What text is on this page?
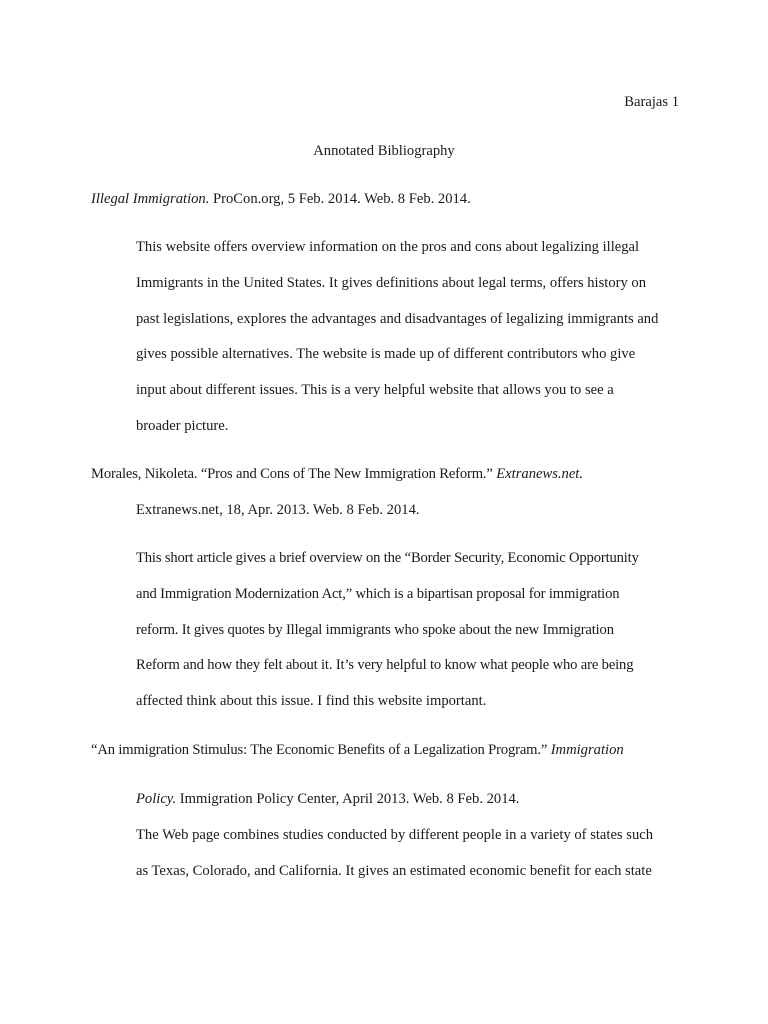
Barajas 1
Annotated Bibliography
Illegal Immigration. ProCon.org, 5 Feb. 2014. Web. 8 Feb. 2014.
This website offers overview information on the pros and cons about legalizing illegal
Immigrants in the United States. It gives definitions about legal terms, offers history on
past legislations, explores the advantages and disadvantages of legalizing immigrants and
gives possible alternatives. The website is made up of different contributors who give
input about different issues. This is a very helpful website that allows you to see a
broader picture.
Morales, Nikoleta. “Pros and Cons of The New Immigration Reform.” Extranews.net.
Extranews.net, 18, Apr. 2013. Web. 8 Feb. 2014.
This short article gives a brief overview on the “Border Security, Economic Opportunity
and Immigration Modernization Act,” which is a bipartisan proposal for immigration
reform. It gives quotes by Illegal immigrants who spoke about the new Immigration
Reform and how they felt about it. It’s very helpful to know what people who are being
affected think about this issue. I find this website important.
“An immigration Stimulus: The Economic Benefits of a Legalization Program.” Immigration
Policy. Immigration Policy Center, April 2013. Web. 8 Feb. 2014.
The Web page combines studies conducted by different people in a variety of states such
as Texas, Colorado, and California. It gives an estimated economic benefit for each state
